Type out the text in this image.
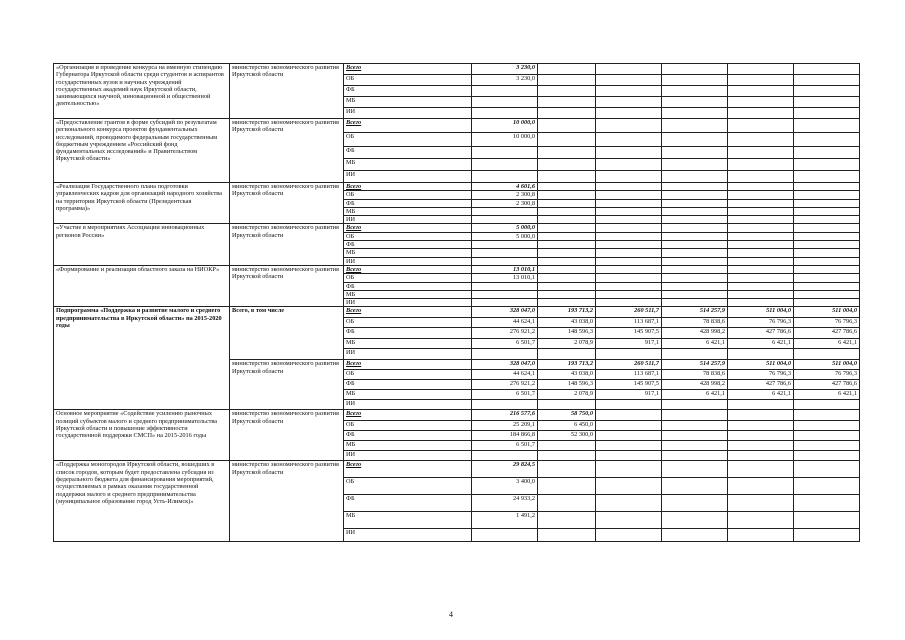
«Организация и проведение конкурса на именную стипендию Губернатора Иркутской области среди студентов и аспирантов государственных вузов и научных учреждений государственных академий наук Иркутской области, занимающихся научной, инновационной и общественной деятельностью»	министерство экономического развития Иркутской области	Всего	3 230,0					
		ОБ	3 230,0					
		ФБ						
		МБ						
		ИИ						
«Предоставление грантов в форме субсидий по результатам регионального конкурса проектов фундаментальных исследований, проводимого федеральным государственным бюджетным учреждением «Российский фонд фундаментальных исследований» и Правительством Иркутской области»	министерство экономического развития Иркутской области	Всего	10 000,0					
		ОБ	10 000,0					
		ФБ						
		МБ						
		ИИ						
«Реализация Государственного плана подготовки управленческих кадров для организаций народного хозяйства на территории Иркутской области (Президентская программа)»	министерство экономического развития Иркутской области	Всего	4 601,6					
		ОБ	2 300,8					
		ФБ	2 300,8					
		МБ						
		ИИ						
«Участие в мероприятиях Ассоциации инновационных регионов России»	министерство экономического развития Иркутской области	Всего	5 000,0					
		ОБ	5 000,0					
		ФБ						
		МБ						
		ИИ						
«Формирование и реализация областного заказа на НИОКР»	министерство экономического развития Иркутской области	Всего	13 010,1					
		ОБ	13 010,1					
		ФБ						
		МБ						
		ИИ						
Подпрограмма «Поддержка и развитие малого и среднего предпринимательства в Иркутской области» на 2015-2020 годы	Всего, в том числе	Всего	328 047,0	193 713,2	260 511,7	514 257,9	511 004,0	511 004,0
		ОБ	44 624,1	43 038,0	113 687,1	78 838,6	76 796,3	76 796,3
		ФБ	276 921,2	148 596,3	145 907,5	428 998,2	427 786,6	427 786,6
		МБ	6 501,7	2 078,9	917,1	6 421,1	6 421,1	6 421,1
		ИИ						
	министерство экономического развития Иркутской области	Всего	328 047,0	193 713,2	260 511,7	514 257,9	511 004,0	511 004,0
		ОБ	44 624,1	43 038,0	113 687,1	78 838,6	76 796,3	76 796,3
		ФБ	276 921,2	148 596,3	145 907,5	428 998,2	427 786,6	427 786,6
		МБ	6 501,7	2 078,9	917,1	6 421,1	6 421,1	6 421,1
		ИИ						
Основное мероприятие «Содействие усилению рыночных позиций субъектов малого и среднего предпринимательства Иркутской области и повышение эффективности государственной поддержки СМСП» на 2015-2016 годы	министерство экономического развития Иркутской области	Всего	216 577,6	58 750,0				
		ОБ	25 209,1	6 450,0				
		ФБ	184 866,8	52 300,0				
		МБ	6 501,7					
		ИИ						
«Поддержка моногородов Иркутской области, вошедших в список городов, которым будет предоставлена субсидия из федерального бюджета для финансирования мероприятий, осуществляемых в рамках оказания государственной поддержки малого и среднего предпринимательства (муниципальное образование город Усть-Илимск)»	министерство экономического развития Иркутской области	Всего	29 824,5					
		ОБ	3 400,0					
		ФБ	24 933,2					
		МБ	1 491,2					
		ИИ						
4
